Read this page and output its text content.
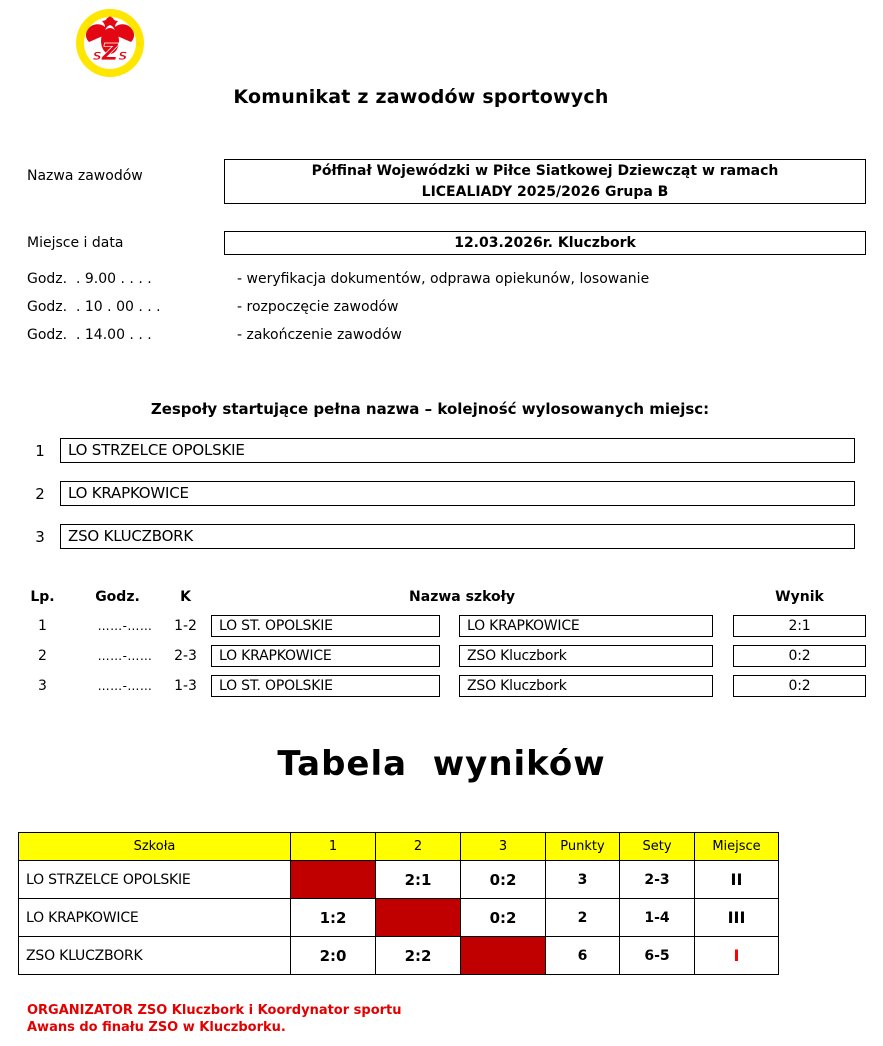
sZs
Komunikat z zawodów sportowych
Nazwa zawodów	Półfinał Wojewódzki w Piłce Siatkowej Dziewcząt w ramach
LICEALIADY 2025/2026 Grupa B
Miejsce i data	12.03.2026r. Kluczbork
Godz.  . 9.00 . . . .	- weryfikacja dokumentów, odprawa opiekunów, losowanie
Godz.  . 10 . 00 . . .	- rozpoczęcie zawodów
Godz.  . 14.00 . . .	- zakończenie zawodów
Zespoły startujące pełna nazwa – kolejność wylosowanych miejsc:
1	LO STRZELCE OPOLSKIE
2	LO KRAPKOWICE
3	ZSO KLUCZBORK
Lp.	Godz.	K	Nazwa szkoły	Wynik
1	……-……	1-2	LO ST. OPOLSKIE	LO KRAPKOWICE	2:1
2	……-……	2-3	LO KRAPKOWICE	ZSO Kluczbork	0:2
3	……-……	1-3	LO ST. OPOLSKIE	ZSO Kluczbork	0:2
Tabela  wyników
Szkoła	1	2	3	Punkty	Sety	Miejsce
LO STRZELCE OPOLSKIE		2:1	0:2	3	2-3	II
LO KRAPKOWICE	1:2		0:2	2	1-4	III
ZSO KLUCZBORK	2:0	2:2		6	6-5	I
ORGANIZATOR ZSO Kluczbork i Koordynator sportu
Awans do finału ZSO w Kluczborku.
